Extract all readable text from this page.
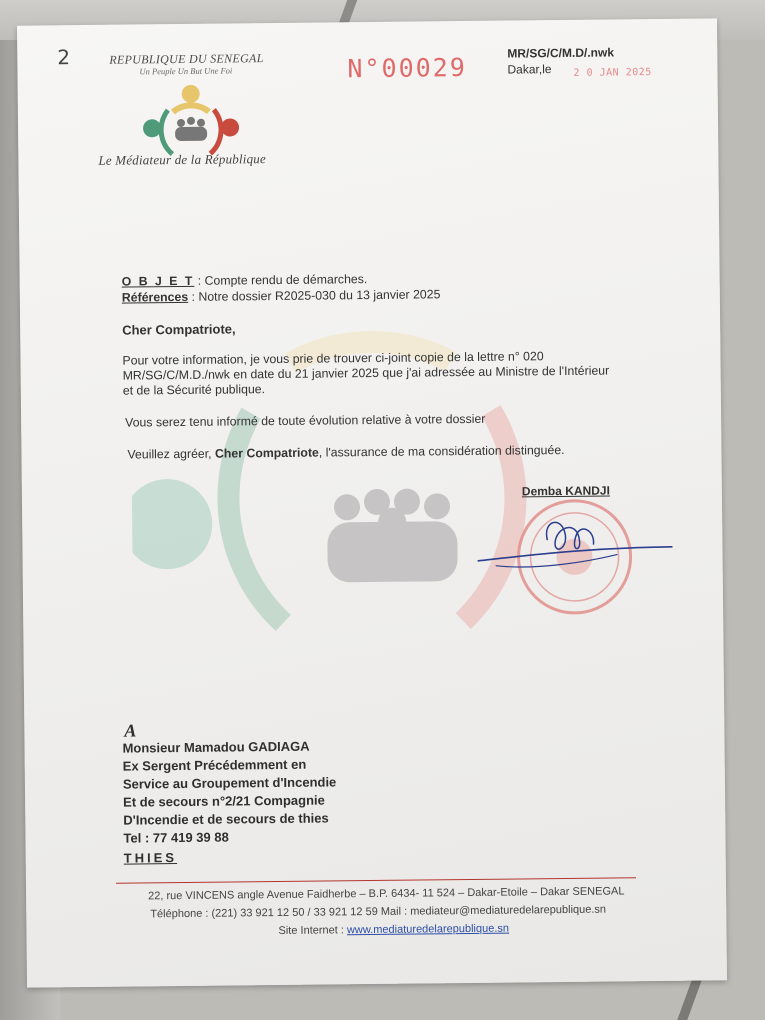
2	REPUBLIQUE DU SENEGAL
Un Peuple Un But Une Foi
Le Médiateur de la République
N°00029	MR/SG/C/M.D/.nwk
Dakar,le 2 0 JAN 2025
O B J E T : Compte rendu de démarches.
Références : Notre dossier R2025-030 du 13 janvier 2025
Cher Compatriote,
Pour votre information, je vous prie de trouver ci-joint copie de la lettre n° 020
MR/SG/C/M.D./nwk en date du 21 janvier 2025 que j'ai adressée au Ministre de l'Intérieur
et de la Sécurité publique.
Vous serez tenu informé de toute évolution relative à votre dossier
Veuillez agréer, Cher Compatriote, l'assurance de ma considération distinguée.
Demba KANDJI
A
Monsieur Mamadou GADIAGA
Ex Sergent Précédemment en
Service au Groupement d'Incendie
Et de secours n°2/21 Compagnie
D'Incendie et de secours de thies
Tel : 77 419 39 88
THIES
22, rue VINCENS angle Avenue Faidherbe – B.P. 6434- 11 524 – Dakar-Etoile – Dakar SENEGAL
Téléphone : (221) 33 921 12 50 / 33 921 12 59 Mail : mediateur@mediaturedelarepublique.sn
Site Internet : www.mediaturedelarepublique.sn
